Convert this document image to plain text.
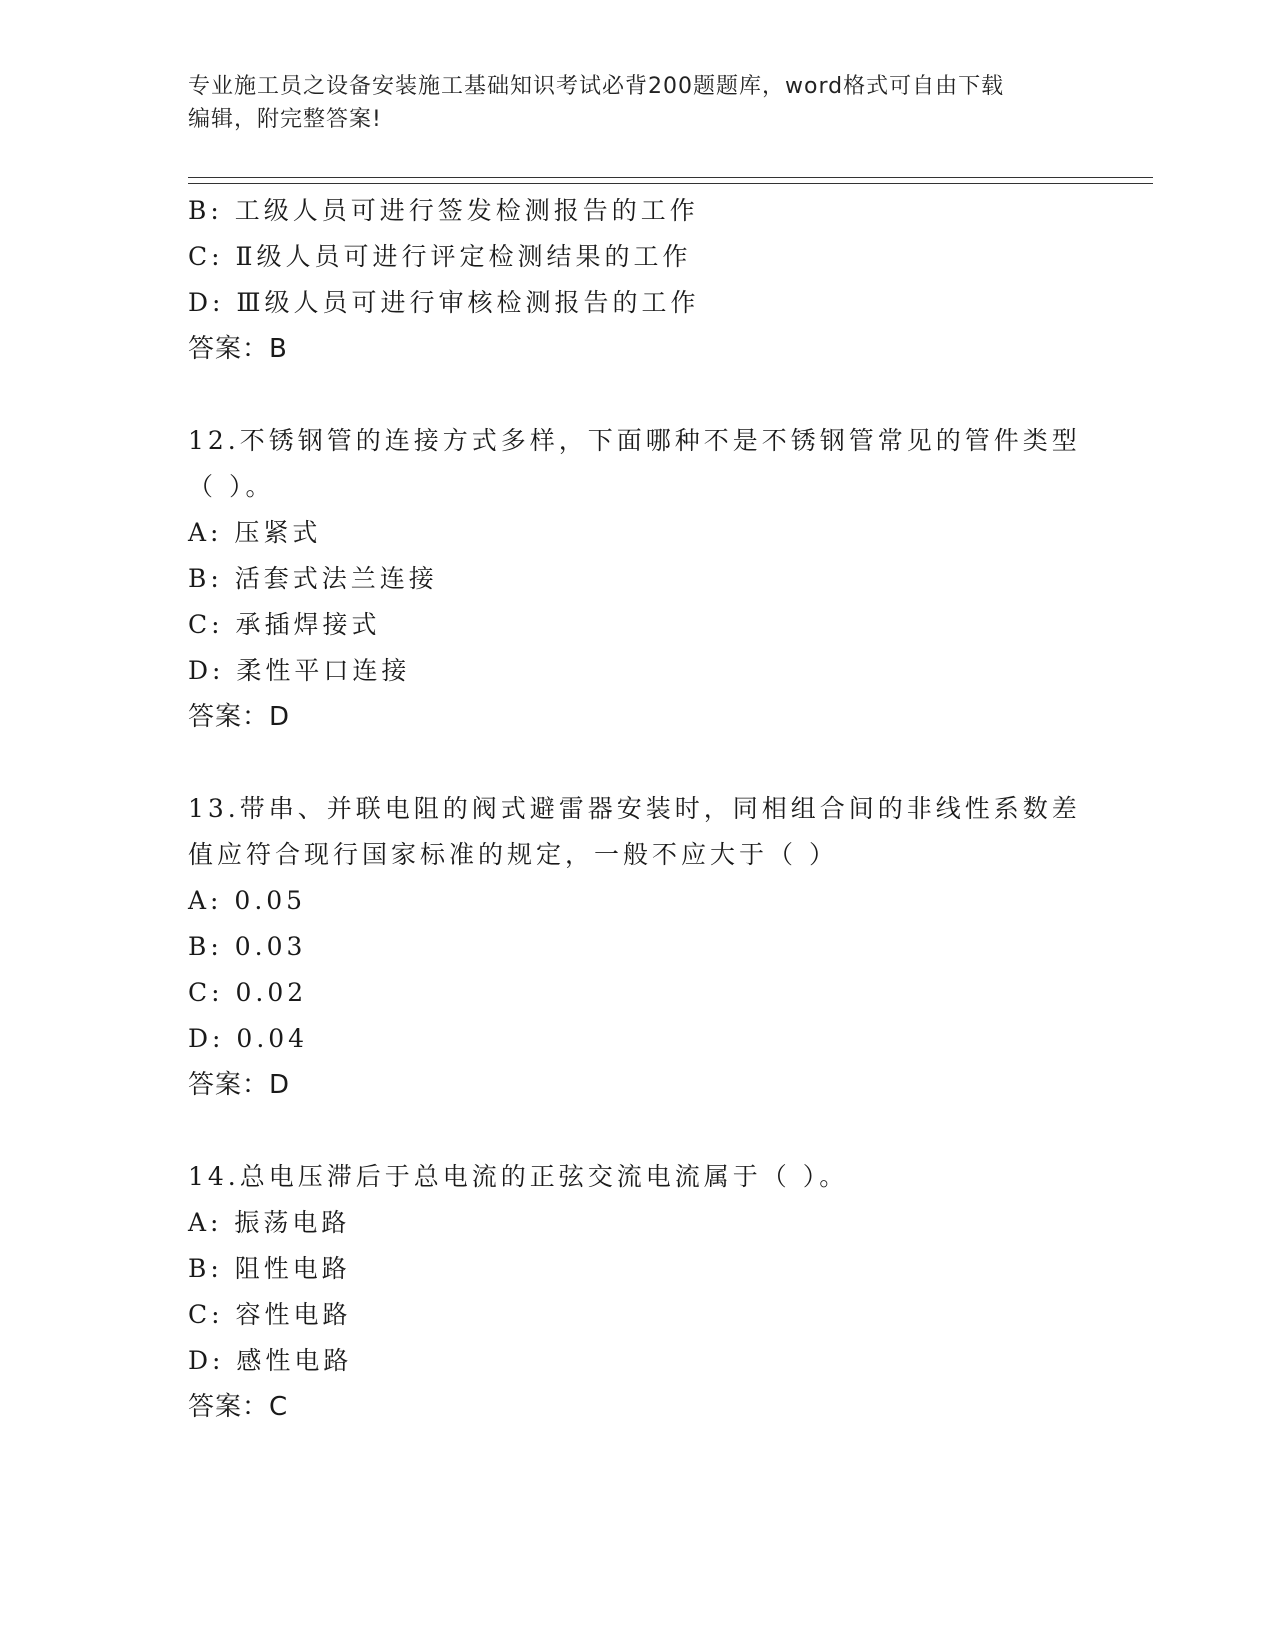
专业施工员之设备安装施工基础知识考试必背200题题库，word格式可自由下载
编辑，附完整答案!
B: 工级人员可进行签发检测报告的工作
C: Ⅱ级人员可进行评定检测结果的工作
D: Ⅲ级人员可进行审核检测报告的工作
答案：B
12.不锈钢管的连接方式多样，下面哪种不是不锈钢管常见的管件类型
（ ）。
A: 压紧式
B: 活套式法兰连接
C: 承插焊接式
D: 柔性平口连接
答案：D
13.带串、并联电阻的阀式避雷器安装时，同相组合间的非线性系数差
值应符合现行国家标准的规定，一般不应大于（ ）
A: 0.05
B: 0.03
C: 0.02
D: 0.04
答案：D
14.总电压滞后于总电流的正弦交流电流属于（ ）。
A: 振荡电路
B: 阻性电路
C: 容性电路
D: 感性电路
答案：C
